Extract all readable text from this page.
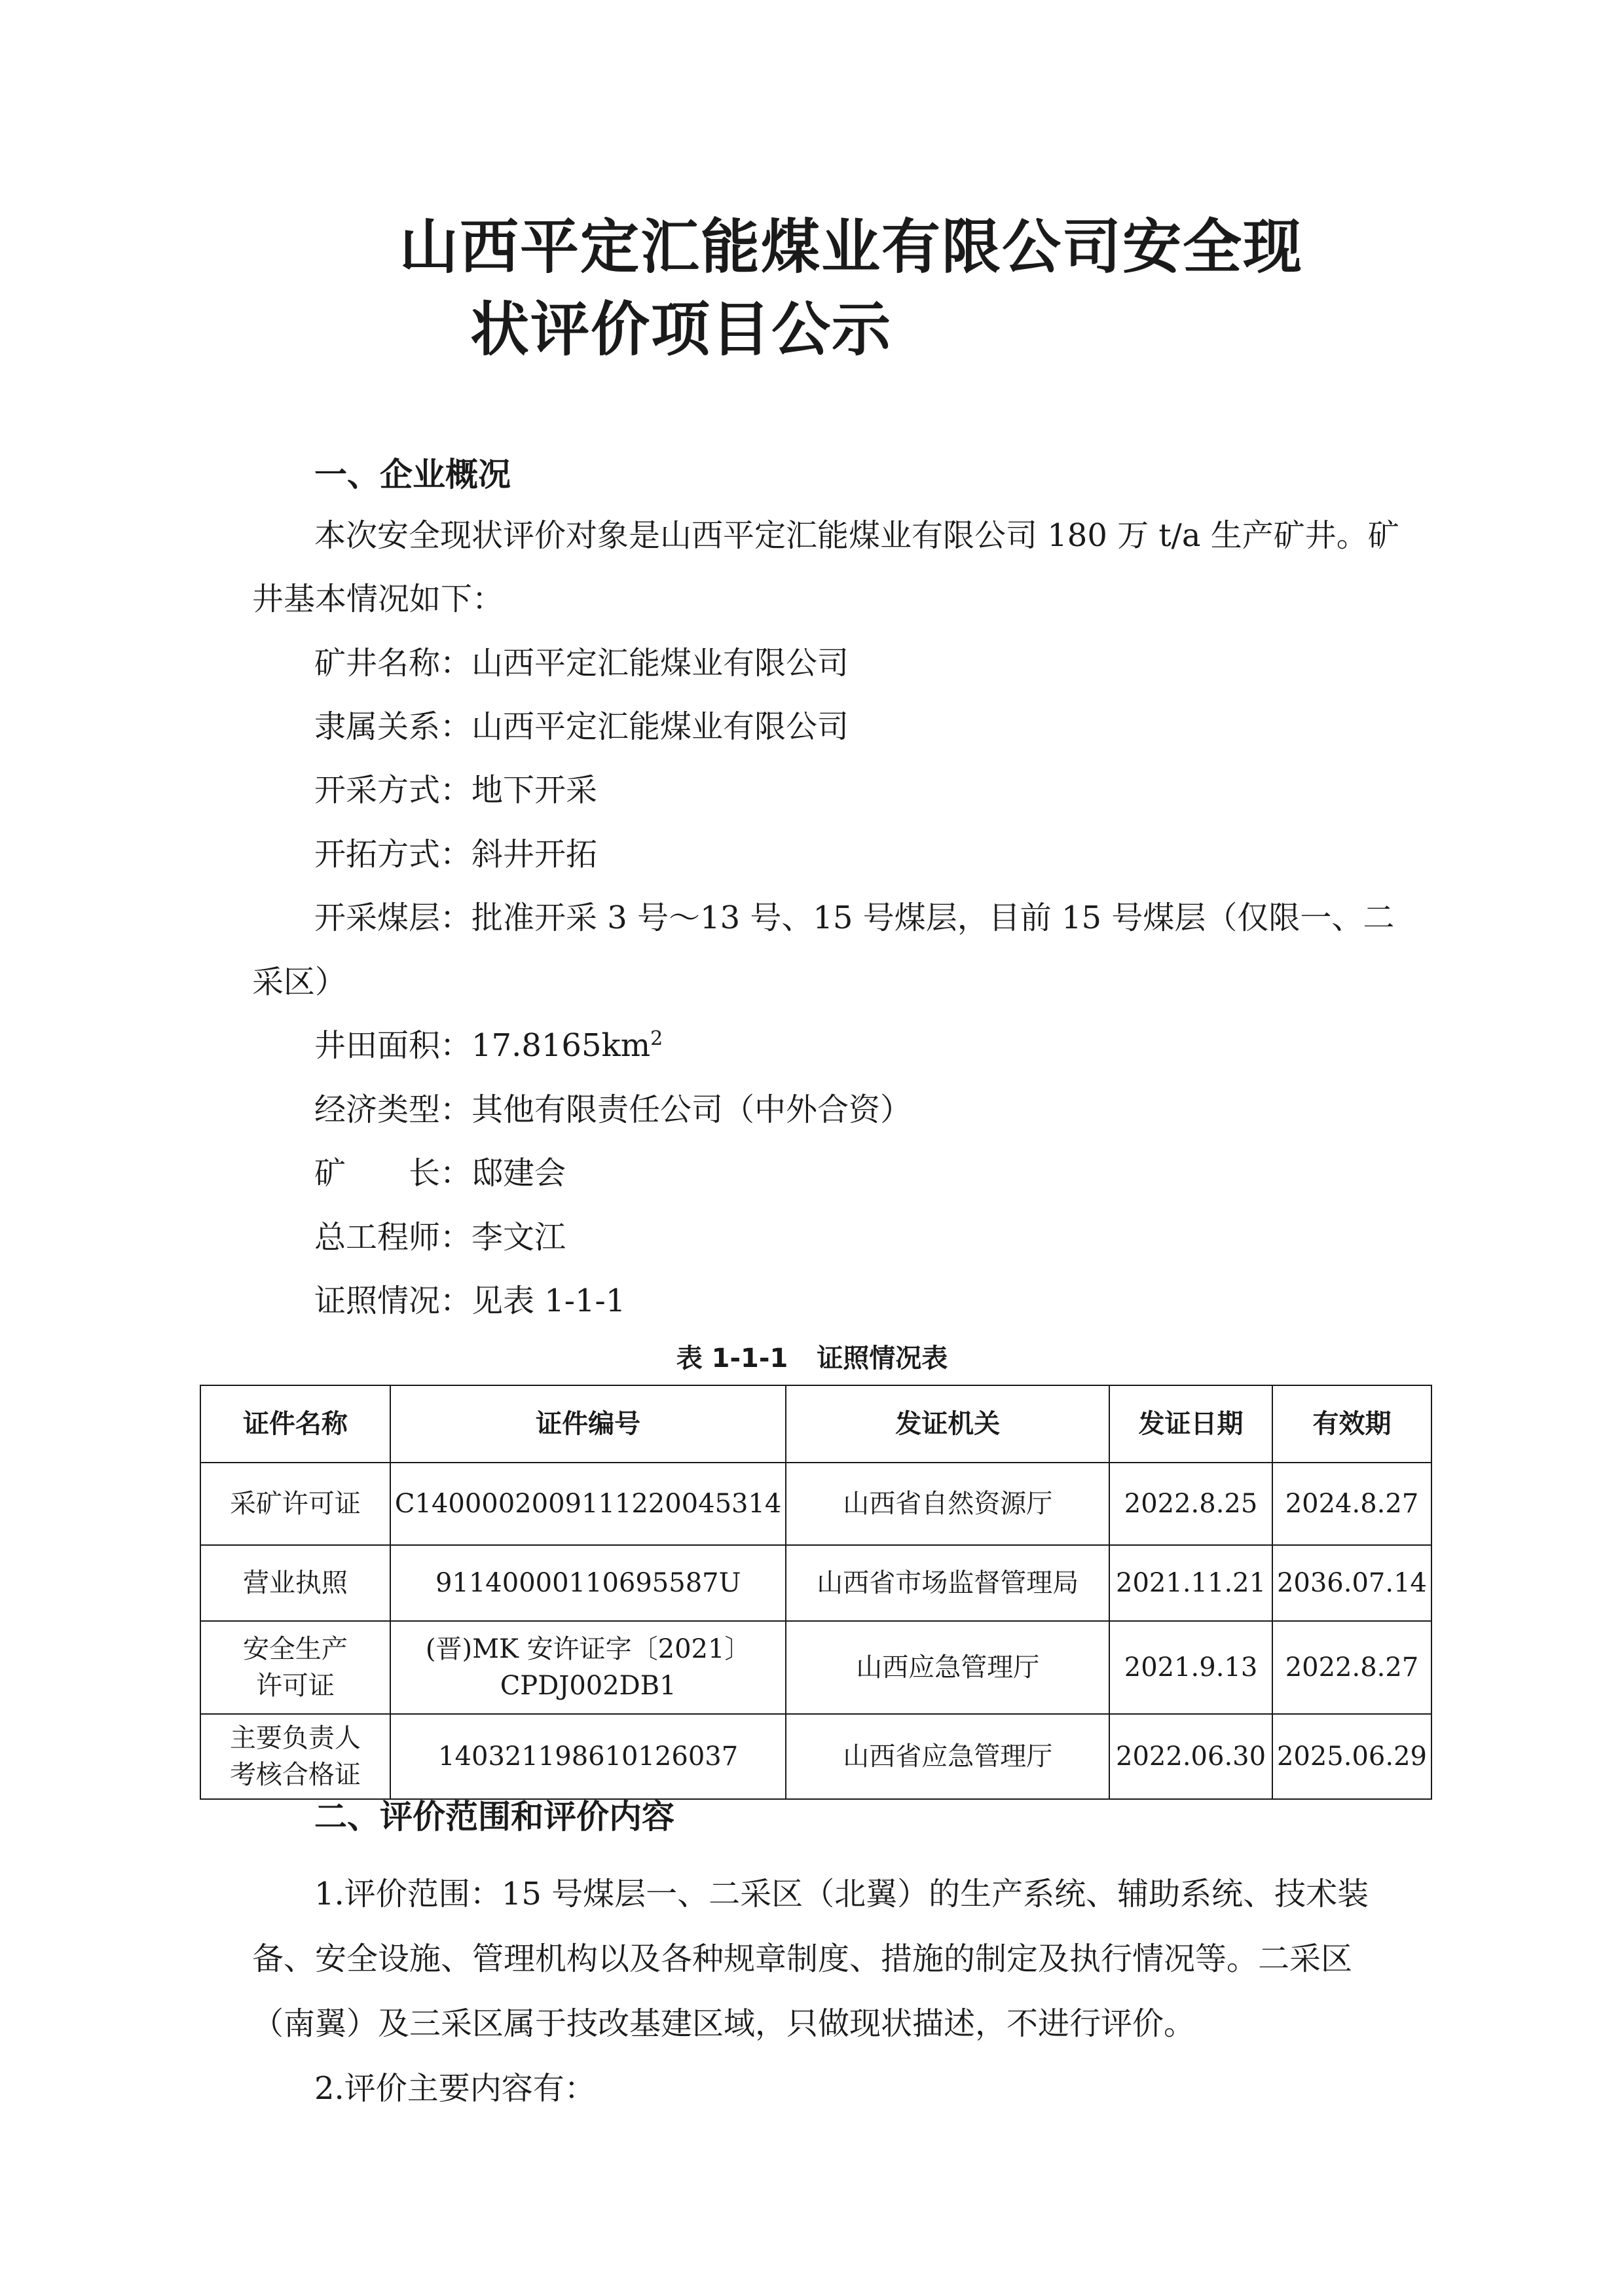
山西平定汇能煤业有限公司安全现
状评价项目公示
一、企业概况
本次安全现状评价对象是山西平定汇能煤业有限公司 180 万 t/a 生产矿井。矿
井基本情况如下：
矿井名称：山西平定汇能煤业有限公司
隶属关系：山西平定汇能煤业有限公司
开采方式：地下开采
开拓方式：斜井开拓
开采煤层：批准开采 3 号～13 号、15 号煤层，目前 15 号煤层（仅限一、二
采区）
井田面积：$17.8165km^2$
经济类型：其他有限责任公司（中外合资）
矿　　长：邸建会
总工程师：李文江
证照情况：见表 1-1-1
表 1-1-1 证照情况表
证件名称	证件编号	发证机关	发证日期	有效期

采矿许可证	C1400002009111220045314	山西省自然资源厅	2022.8.25	2024.8.27

营业执照	91140000110695587U	山西省市场监督管理局	2021.11.21	2036.07.14

安全生产
许可证	(晋)MK 安许证字〔2021〕
CPDJ002DB1	山西应急管理厅	2021.9.13	2022.8.27

主要负责人
考核合格证	140321198610126037	山西省应急管理厅	2022.06.30	2025.06.29
二、评价范围和评价内容
1.评价范围：15 号煤层一、二采区（北翼）的生产系统、辅助系统、技术装
备、安全设施、管理机构以及各种规章制度、措施的制定及执行情况等。二采区
（南翼）及三采区属于技改基建区域，只做现状描述，不进行评价。
2.评价主要内容有：
